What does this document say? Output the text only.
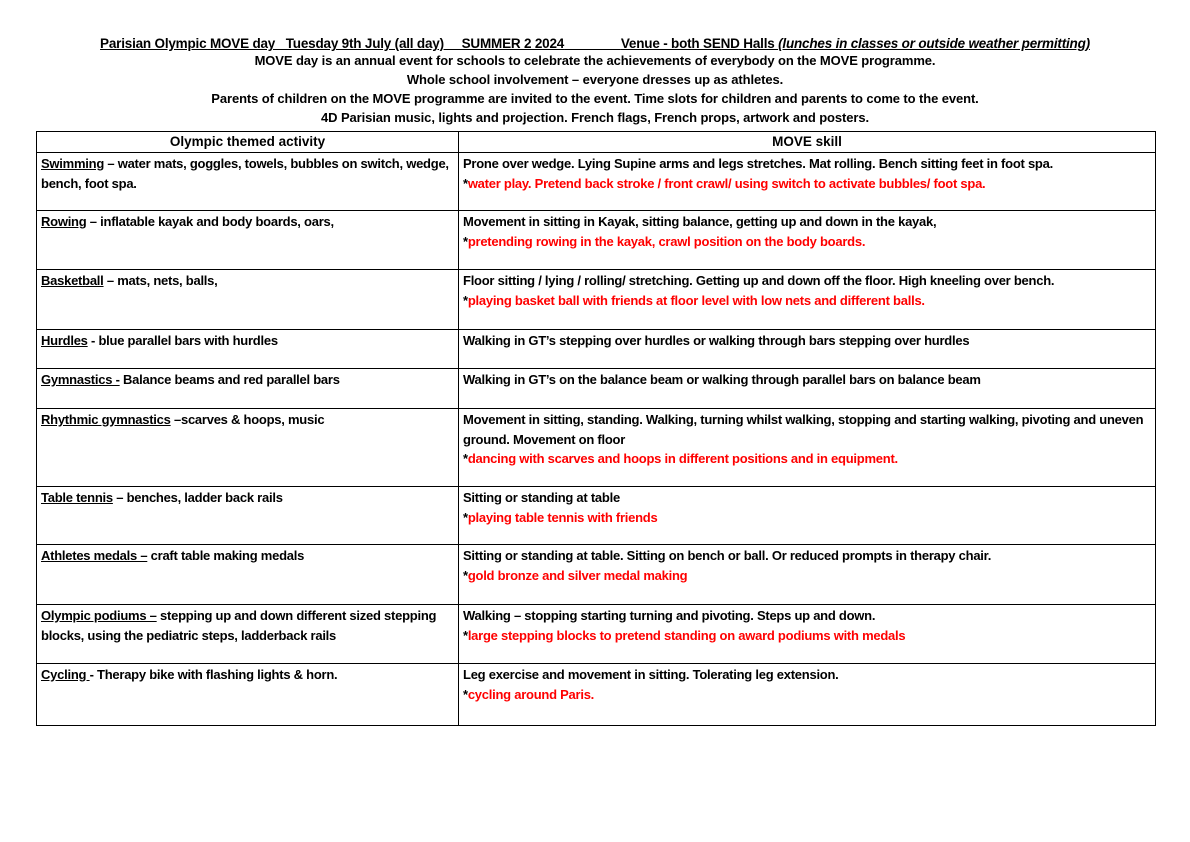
Parisian Olympic MOVE day   Tuesday 9th July (all day)     SUMMER 2 2024	Venue - both SEND Halls (lunches in classes or outside weather permitting)
MOVE day is an annual event for schools to celebrate the achievements of everybody on the MOVE programme.
Whole school involvement – everyone dresses up as athletes.
Parents of children on the MOVE programme are invited to the event. Time slots for children and parents to come to the event.
4D Parisian music, lights and projection. French flags, French props, artwork and posters.
Olympic themed activity	MOVE skill
Swimming – water mats, goggles, towels, bubbles on switch, wedge, bench, foot spa.	Prone over wedge. Lying Supine arms and legs stretches. Mat rolling. Bench sitting feet in foot spa.
*water play. Pretend back stroke / front crawl/ using switch to activate bubbles/ foot spa.

Rowing – inflatable kayak and body boards, oars,	Movement in sitting in Kayak, sitting balance, getting up and down in the kayak,
*pretending rowing in the kayak, crawl position on the body boards.

Basketball – mats, nets, balls,	Floor sitting / lying / rolling/ stretching. Getting up and down off the floor. High kneeling over bench.
*playing basket ball with friends at floor level with low nets and different balls.

Hurdles - blue parallel bars with hurdles	Walking in GT’s stepping over hurdles or walking through bars stepping over hurdles

Gymnastics - Balance beams and red parallel bars	Walking in GT’s on the balance beam or walking through parallel bars on balance beam

Rhythmic gymnastics –scarves & hoops, music	Movement in sitting, standing. Walking, turning whilst walking, stopping and starting walking, pivoting and uneven ground. Movement on floor
*dancing with scarves and hoops in different positions and in equipment.

Table tennis – benches, ladder back rails	Sitting or standing at table
*playing table tennis with friends

Athletes medals – craft table making medals	Sitting or standing at table. Sitting on bench or ball. Or reduced prompts in therapy chair.
*gold bronze and silver medal making

Olympic podiums – stepping up and down different sized stepping blocks, using the pediatric steps, ladderback rails	Walking – stopping starting turning and pivoting. Steps up and down.
*large stepping blocks to pretend standing on award podiums with medals

Cycling - Therapy bike with flashing lights & horn.	Leg exercise and movement in sitting. Tolerating leg extension.
*cycling around Paris.
